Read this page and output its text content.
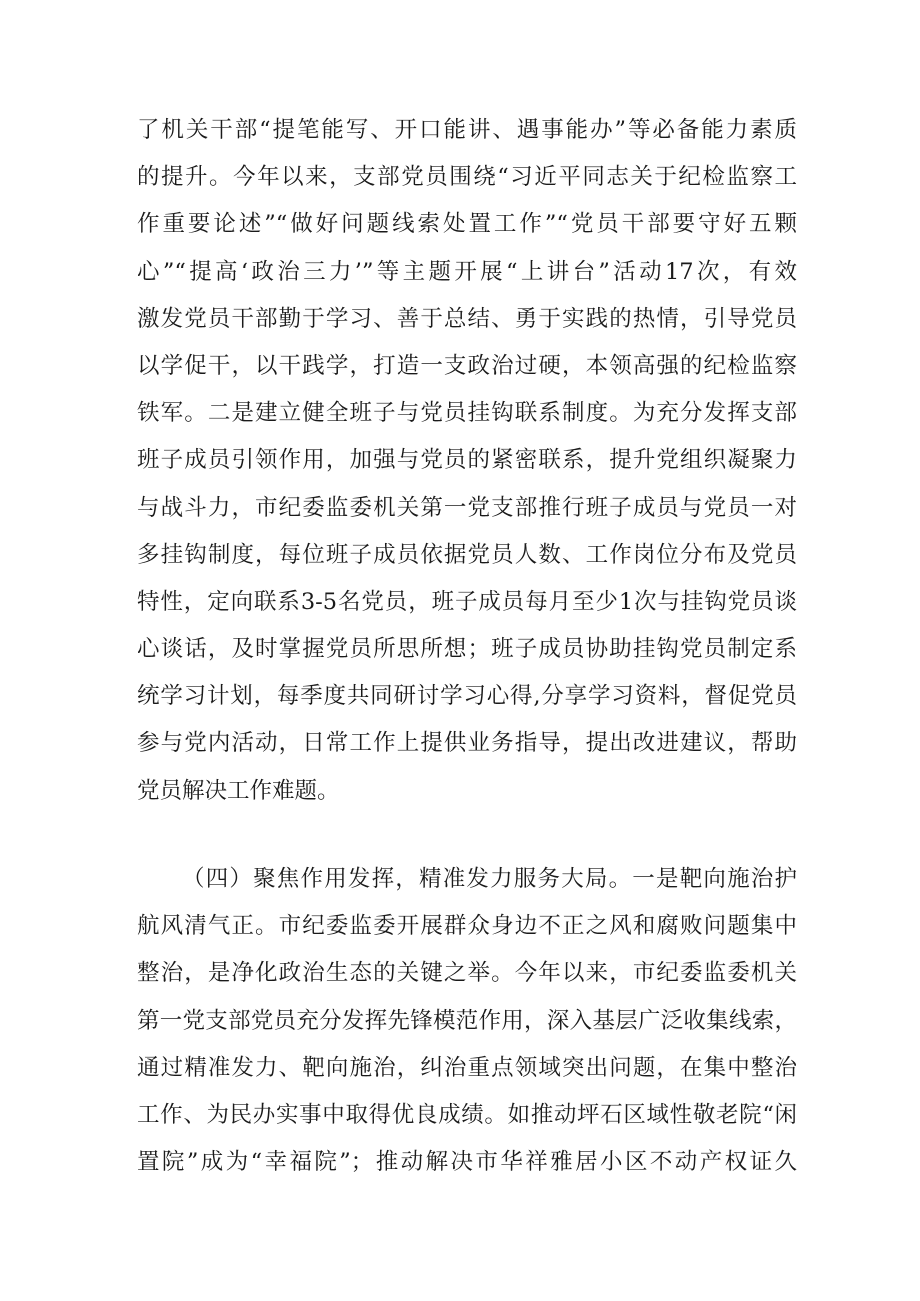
了机关干部“提笔能写、开口能讲、遇事能办”等必备能力素质
的提升。今年以来，支部党员围绕“习近平同志关于纪检监察工
作重要论述”“做好问题线索处置工作”“党员干部要守好五颗
心”“提高‘政治三力’”等主题开展“上讲台”活动17次，有效
激发党员干部勤于学习、善于总结、勇于实践的热情，引导党员
以学促干，以干践学，打造一支政治过硬，本领高强的纪检监察
铁军。二是建立健全班子与党员挂钩联系制度。为充分发挥支部
班子成员引领作用，加强与党员的紧密联系，提升党组织凝聚力
与战斗力，市纪委监委机关第一党支部推行班子成员与党员一对
多挂钩制度，每位班子成员依据党员人数、工作岗位分布及党员
特性，定向联系3-5名党员，班子成员每月至少1次与挂钩党员谈
心谈话，及时掌握党员所思所想；班子成员协助挂钩党员制定系
统学习计划，每季度共同研讨学习心得,分享学习资料，督促党员
参与党内活动，日常工作上提供业务指导，提出改进建议，帮助
党员解决工作难题。
（四）聚焦作用发挥，精准发力服务大局。一是靶向施治护
航风清气正。市纪委监委开展群众身边不正之风和腐败问题集中
整治，是净化政治生态的关键之举。今年以来，市纪委监委机关
第一党支部党员充分发挥先锋模范作用，深入基层广泛收集线索，
通过精准发力、靶向施治，纠治重点领域突出问题，在集中整治
工作、为民办实事中取得优良成绩。如推动坪石区域性敬老院“闲
置院”成为“幸福院”；推动解决市华祥雅居小区不动产权证久
